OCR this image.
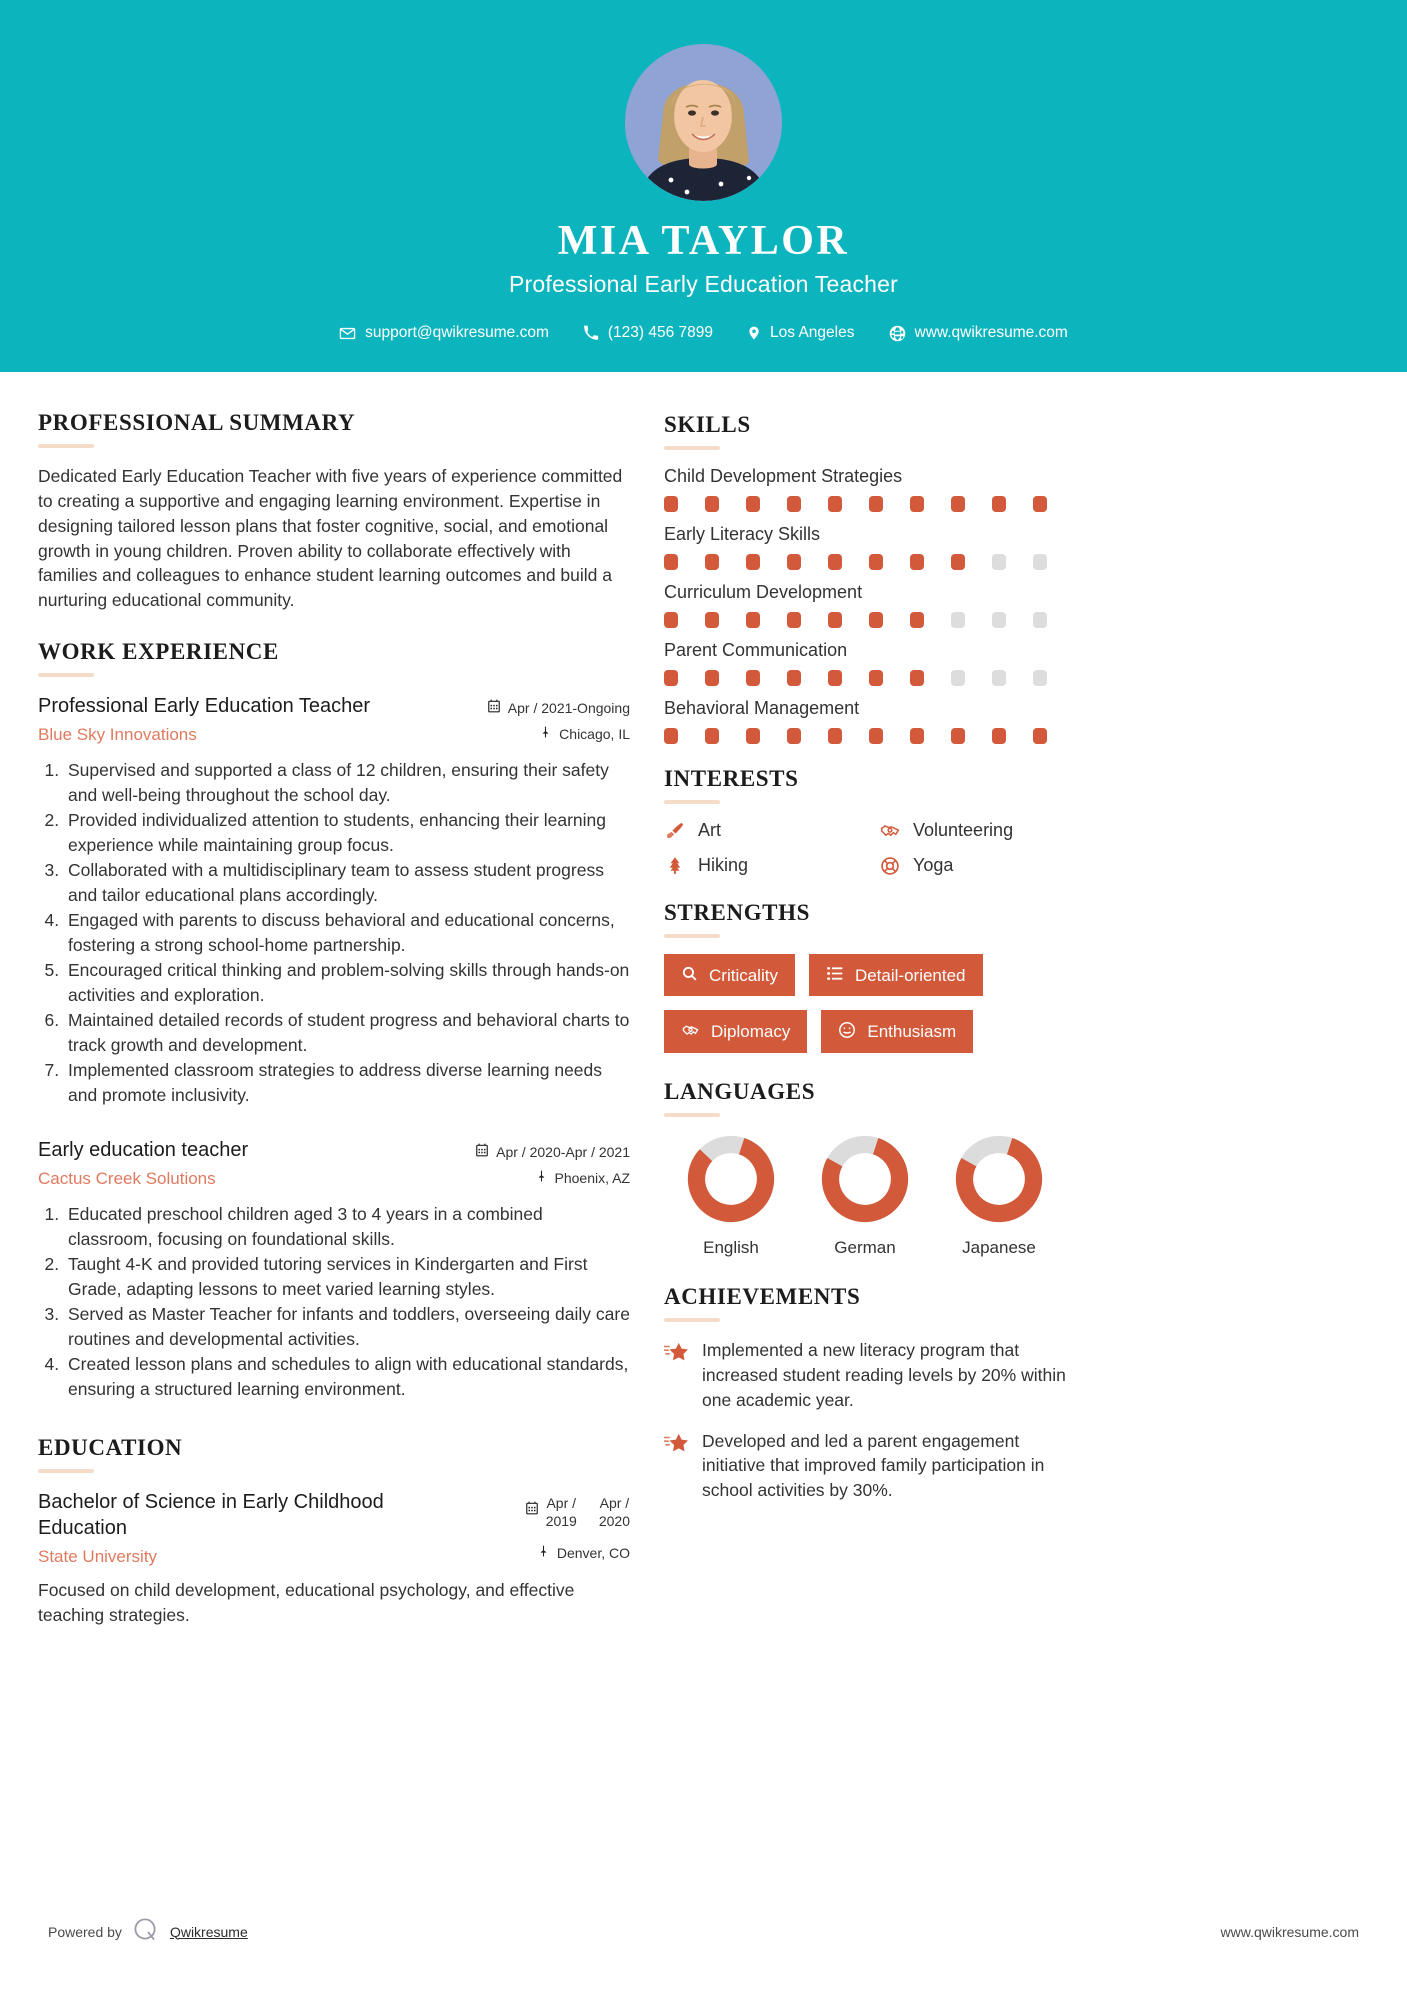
MIA TAYLOR
Professional Early Education Teacher
support@qwikresume.com	(123) 456 7899	Los Angeles	www.qwikresume.com
PROFESSIONAL SUMMARY
Dedicated Early Education Teacher with five years of experience committed to creating a supportive and engaging learning environment. Expertise in designing tailored lesson plans that foster cognitive, social, and emotional growth in young children. Proven ability to collaborate effectively with families and colleagues to enhance student learning outcomes and build a nurturing educational community.
WORK EXPERIENCE
Professional Early Education Teacher
Blue Sky Innovations
Apr / 2021-Ongoing
Chicago, IL
1. Supervised and supported a class of 12 children, ensuring their safety and well-being throughout the school day.
2. Provided individualized attention to students, enhancing their learning experience while maintaining group focus.
3. Collaborated with a multidisciplinary team to assess student progress and tailor educational plans accordingly.
4. Engaged with parents to discuss behavioral and educational concerns, fostering a strong school-home partnership.
5. Encouraged critical thinking and problem-solving skills through hands-on activities and exploration.
6. Maintained detailed records of student progress and behavioral charts to track growth and development.
7. Implemented classroom strategies to address diverse learning needs and promote inclusivity.
Early education teacher
Cactus Creek Solutions
Apr / 2020-Apr / 2021
Phoenix, AZ
1. Educated preschool children aged 3 to 4 years in a combined classroom, focusing on foundational skills.
2. Taught 4-K and provided tutoring services in Kindergarten and First Grade, adapting lessons to meet varied learning styles.
3. Served as Master Teacher for infants and toddlers, overseeing daily care routines and developmental activities.
4. Created lesson plans and schedules to align with educational standards, ensuring a structured learning environment.
EDUCATION
Bachelor of Science in Early Childhood Education
State University
Apr /
2019
Apr /
2020
Denver, CO
Focused on child development, educational psychology, and effective teaching strategies.
SKILLS
Child Development Strategies
Early Literacy Skills
Curriculum Development
Parent Communication
Behavioral Management
INTERESTS
Art	Volunteering
Hiking	Yoga
STRENGTHS
Criticality	Detail-oriented
Diplomacy	Enthusiasm
LANGUAGES
English	German	Japanese
ACHIEVEMENTS
Implemented a new literacy program that increased student reading levels by 20% within one academic year.
Developed and led a parent engagement initiative that improved family participation in school activities by 30%.
Powered by	Qwikresume	www.qwikresume.com
